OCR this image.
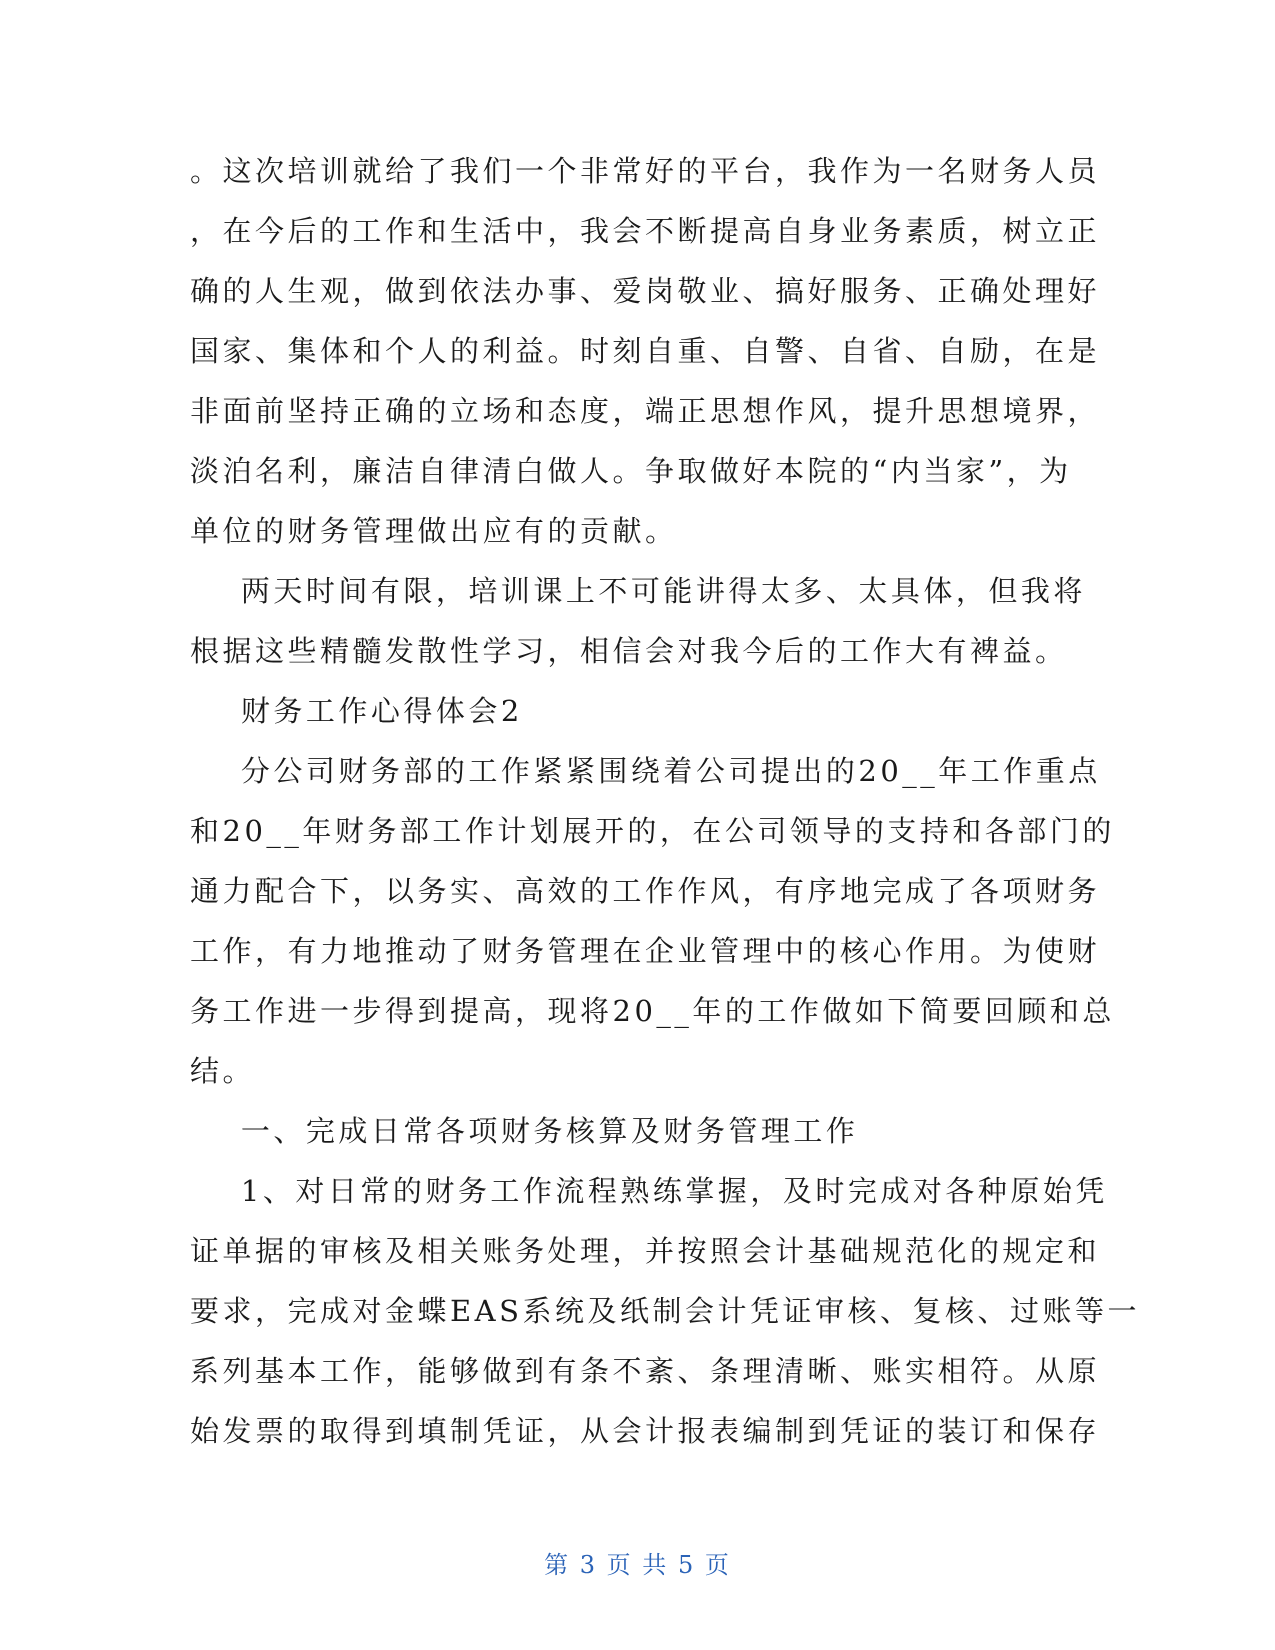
。这次培训就给了我们一个非常好的平台，我作为一名财务人员
，在今后的工作和生活中，我会不断提高自身业务素质，树立正
确的人生观，做到依法办事、爱岗敬业、搞好服务、正确处理好
国家、集体和个人的利益。时刻自重、自警、自省、自励，在是
非面前坚持正确的立场和态度，端正思想作风，提升思想境界，
淡泊名利，廉洁自律清白做人。争取做好本院的“内当家”，为
单位的财务管理做出应有的贡献。
两天时间有限，培训课上不可能讲得太多、太具体，但我将
根据这些精髓发散性学习，相信会对我今后的工作大有裨益。
财务工作心得体会2
分公司财务部的工作紧紧围绕着公司提出的20__年工作重点
和20__年财务部工作计划展开的，在公司领导的支持和各部门的
通力配合下，以务实、高效的工作作风，有序地完成了各项财务
工作，有力地推动了财务管理在企业管理中的核心作用。为使财
务工作进一步得到提高，现将20__年的工作做如下简要回顾和总
结。
一、完成日常各项财务核算及财务管理工作
1、对日常的财务工作流程熟练掌握，及时完成对各种原始凭
证单据的审核及相关账务处理，并按照会计基础规范化的规定和
要求，完成对金蝶EAS系统及纸制会计凭证审核、复核、过账等一
系列基本工作，能够做到有条不紊、条理清晰、账实相符。从原
始发票的取得到填制凭证，从会计报表编制到凭证的装订和保存
第 3 页 共 5 页
